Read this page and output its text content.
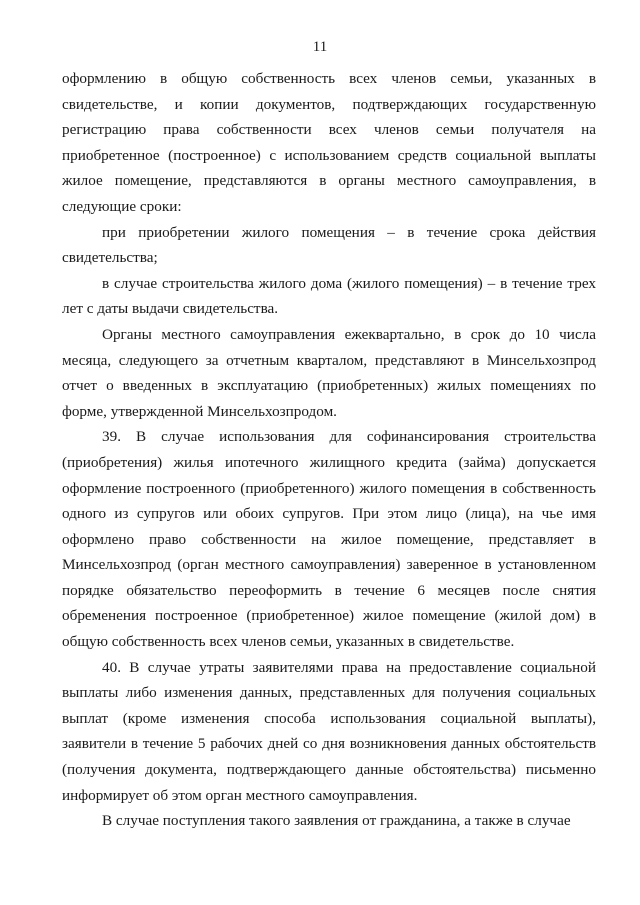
11

оформлению в общую собственность всех членов семьи, указанных в свидетельстве, и копии документов, подтверждающих государственную регистрацию права собственности всех членов семьи получателя на приобретенное (построенное) с использованием средств социальной выплаты жилое помещение, представляются в органы местного самоуправления, в следующие сроки:

при приобретении жилого помещения – в течение срока действия свидетельства;

в случае строительства жилого дома (жилого помещения) – в течение трех лет с даты выдачи свидетельства.

Органы местного самоуправления ежеквартально, в срок до 10 числа месяца, следующего за отчетным кварталом, представляют в Минсельхозпрод отчет о введенных в эксплуатацию (приобретенных) жилых помещениях по форме, утвержденной Минсельхозпродом.

39. В случае использования для софинансирования строительства (приобретения) жилья ипотечного жилищного кредита (займа) допускается оформление построенного (приобретенного) жилого помещения в собственность одного из супругов или обоих супругов. При этом лицо (лица), на чье имя оформлено право собственности на жилое помещение, представляет в Минсельхозпрод (орган местного самоуправления) заверенное в установленном порядке обязательство переоформить в течение 6 месяцев после снятия обременения построенное (приобретенное) жилое помещение (жилой дом) в общую собственность всех членов семьи, указанных в свидетельстве.

40. В случае утраты заявителями права на предоставление социальной выплаты либо изменения данных, представленных для получения социальных выплат (кроме изменения способа использования социальной выплаты), заявители в течение 5 рабочих дней со дня возникновения данных обстоятельств (получения документа, подтверждающего данные обстоятельства) письменно информирует об этом орган местного самоуправления.

В случае поступления такого заявления от гражданина, а также в случае
